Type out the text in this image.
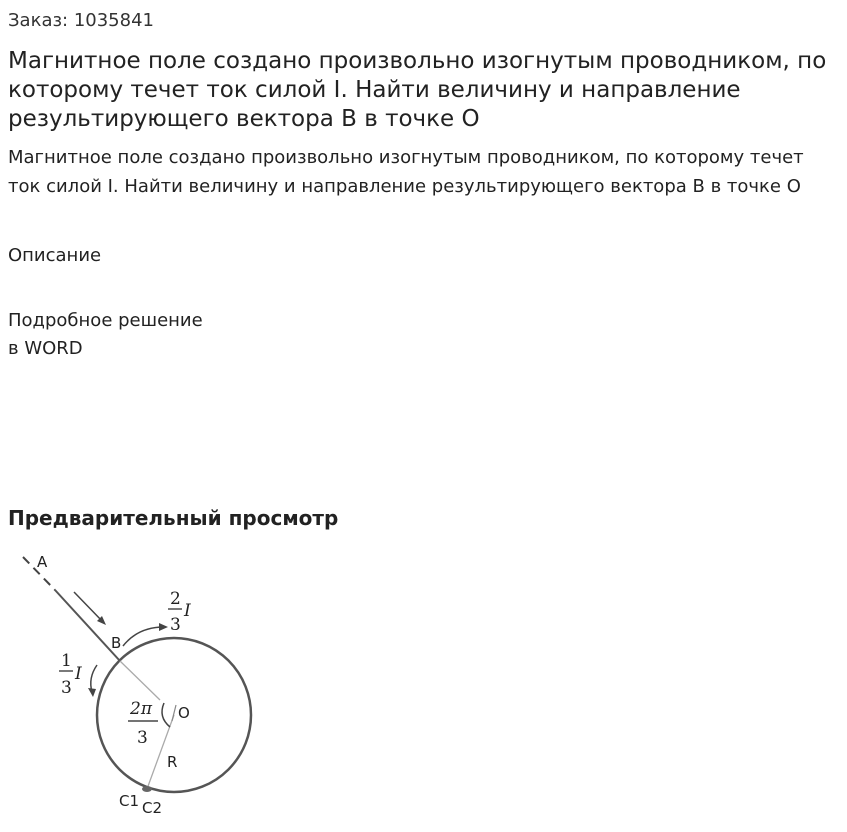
Заказ: 1035841
Магнитное поле создано произвольно изогнутым проводником, по которому течет ток силой I. Найти величину и направление результирующего вектора В в точке О

Магнитное поле создано произвольно изогнутым проводником, по которому течет ток силой I. Найти величину и направление результирующего вектора В в точке О

Описание
Подробное решение
в WORD
Предварительный просмотр
A
B
O
R
C1 C2
2
3
I
1
3
I
2π
3
